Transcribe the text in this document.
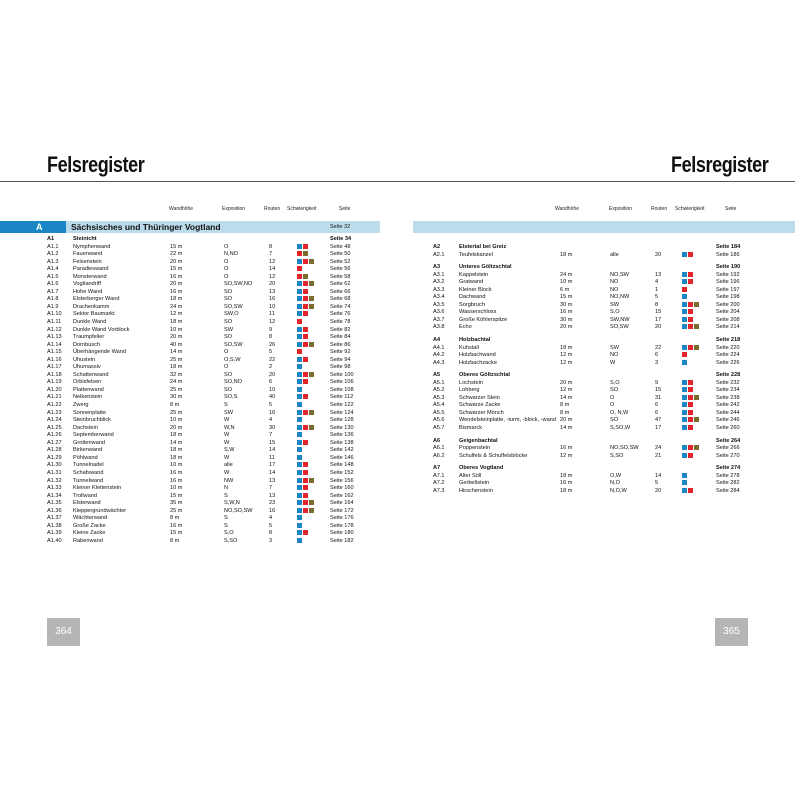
Felsregister	Felsregister
Wandhöhe	Exposition	Routen Schwierigkeit	Seite	Wandhöhe	Exposition	Routen Schwierigkeit	Seite
A	Sächsisches und Thüringer Vogtland	Seite 32
A1	Steinicht	Seite 34
A1.1	Nymphenwand	15 m	O	8	Seite 48
A1.2	Fauenwand	22 m	N,NO	7	Seite 50
A1.3	Felsenstein	20 m	O	12	Seite 52
A1.4	Paradieswand	15 m	O	14	Seite 56
A1.5	Monsterwand	16 m	O	12	Seite 58
A1.6	Vogtlandriff	20 m	SO,SW,NO	20	Seite 62
A1.7	Hohe Wand	16 m	SO	13	Seite 66
A1.8	Elsterberger Wand	18 m	SO	16	Seite 68
A1.9	Drachenkamm	24 m	SO,SW	10	Seite 74
A1.10 Sektor Baumarkt	12 m	SW,O	11	Seite 76
A1.11 Dunkle Wand	18 m	SO	12	Seite 78
A1.12 Dunkle Wand Vorblock	10 m	SW	9	Seite 82
A1.13 Traumpfeiler	20 m	SO	8	Seite 84
A1.14 Dornbusch	40 m	SO,SW	26	Seite 86
A1.15 Überhängende Wand	14 m	O	5	Seite 92
A1.16 Uhustein	25 m	O,S,W	22	Seite 94
A1.17 Uhumassiv	18 m	O	2	Seite 98
A1.18 Schattenwand	32 m	SO	20	Seite 100
A1.19 Orbisfelsen	24 m	SO,NO	6	Seite 106
A1.20 Plattenwand	25 m	SO	10	Seite 108
A1.21 Nelkenstein	30 m	SO,S	40	Seite 112
A1.22 Zwerg	8 m	S	5	Seite 122
A1.23 Sonnenplatte	25 m	SW	16	Seite 124
A1.24 Steinbruchblick	10 m	W	4	Seite 128
A1.25 Dachstein	20 m	W,N	30	Seite 130
A1.26 Septemberwand	18 m	W	7	Seite 136
A1.27 Grottenwand	14 m	W	15	Seite 138
A1.28 Birkenwand	18 m	S,W	14	Seite 142
A1.29 Pöhlwand	18 m	W	11	Seite 146
A1.30 Tunnelnadel	10 m	alle	17	Seite 148
A1.31 Schafswand	16 m	W	14	Seite 152
A1.32 Tunnelwand	16 m	NW	13	Seite 156
A1.33 Kleiner Klettenstein	10 m	N	7	Seite 160
A1.34 Trollwand	15 m	S	13	Seite 162
A1.35 Elsterwand	35 m	S,W,N	23	Seite 164
A1.36 Kleppergrundwächter	25 m	NO,SO,SW	16	Seite 172
A1.37 Wächterwand	8 m	S	4	Seite 176
A1.38 Große Zacke	16 m	S	5	Seite 178
A1.39 Kleine Zacke	15 m	S,O	8	Seite 180
A1.40 Rabenwand	8 m	S,SO	3	Seite 182
A2	Elstertal bei Greiz	Seite 184
A2.1	Teufelskanzel	18 m	alle	20	Seite 186
A3	Unteres Göltzschtal	Seite 190
A3.1	Kappelstein	24 m	NO,SW	13	Seite 192
A3.2	Gratwand	10 m	NO	4	Seite 196
A3.3	Kleiner Block	6 m	NO	1	Seite 197
A3.4	Dachwand	15 m	NO,NW	5	Seite 198
A3.5	Sorgbruch	30 m	SW	8	Seite 200
A3.6	Wasserschloss	16 m	S,O	15	Seite 204
A3.7	Große Köhlerspitze	30 m	SW,NW	17	Seite 208
A3.8	Echo	20 m	SO,SW	20	Seite 214
A4	Holzbachtal	Seite 218
A4.1	Kuhstall	18 m	SW	22	Seite 220
A4.2	Holzbachwand	12 m	NO	6	Seite 224
A4.3	Holzbachzacke	12 m	W	3	Seite 226
A5	Oberes Göltzschtal	Seite 228
A5.1	Lochstein	20 m	S,O	9	Seite 232
A5.2	Lohberg	12 m	SO	15	Seite 234
A5.3	Schwarzer Stein	14 m	O	31	Seite 238
A5.4	Schwarze Zacke	8 m	O	6	Seite 242
A5.5	Schwarzer Mönch	8 m	O, N,W	6	Seite 244
A5.6	Wendelsteinplatte, -turm, -block, -wand 20 m	SO	47	Seite 246
A5.7	Bismarck	14 m	S,SO,W	17	Seite 260
A6	Geigenbachtal	Seite 264
A6.1	Poppenstein	16 m	NO,SO,SW	24	Seite 266
A6.2	Schulfels & Schulfelsblöcke	12 m	S,SO	21	Seite 270
A7	Oberes Vogtland	Seite 274
A7.1	Alter Söll	18 m	O,W	14	Seite 278
A7.2	Gerbeltstein	16 m	N,O	5	Seite 282
A7.3	Hirschenstein	18 m	N,O,W	20	Seite 284
364	365
